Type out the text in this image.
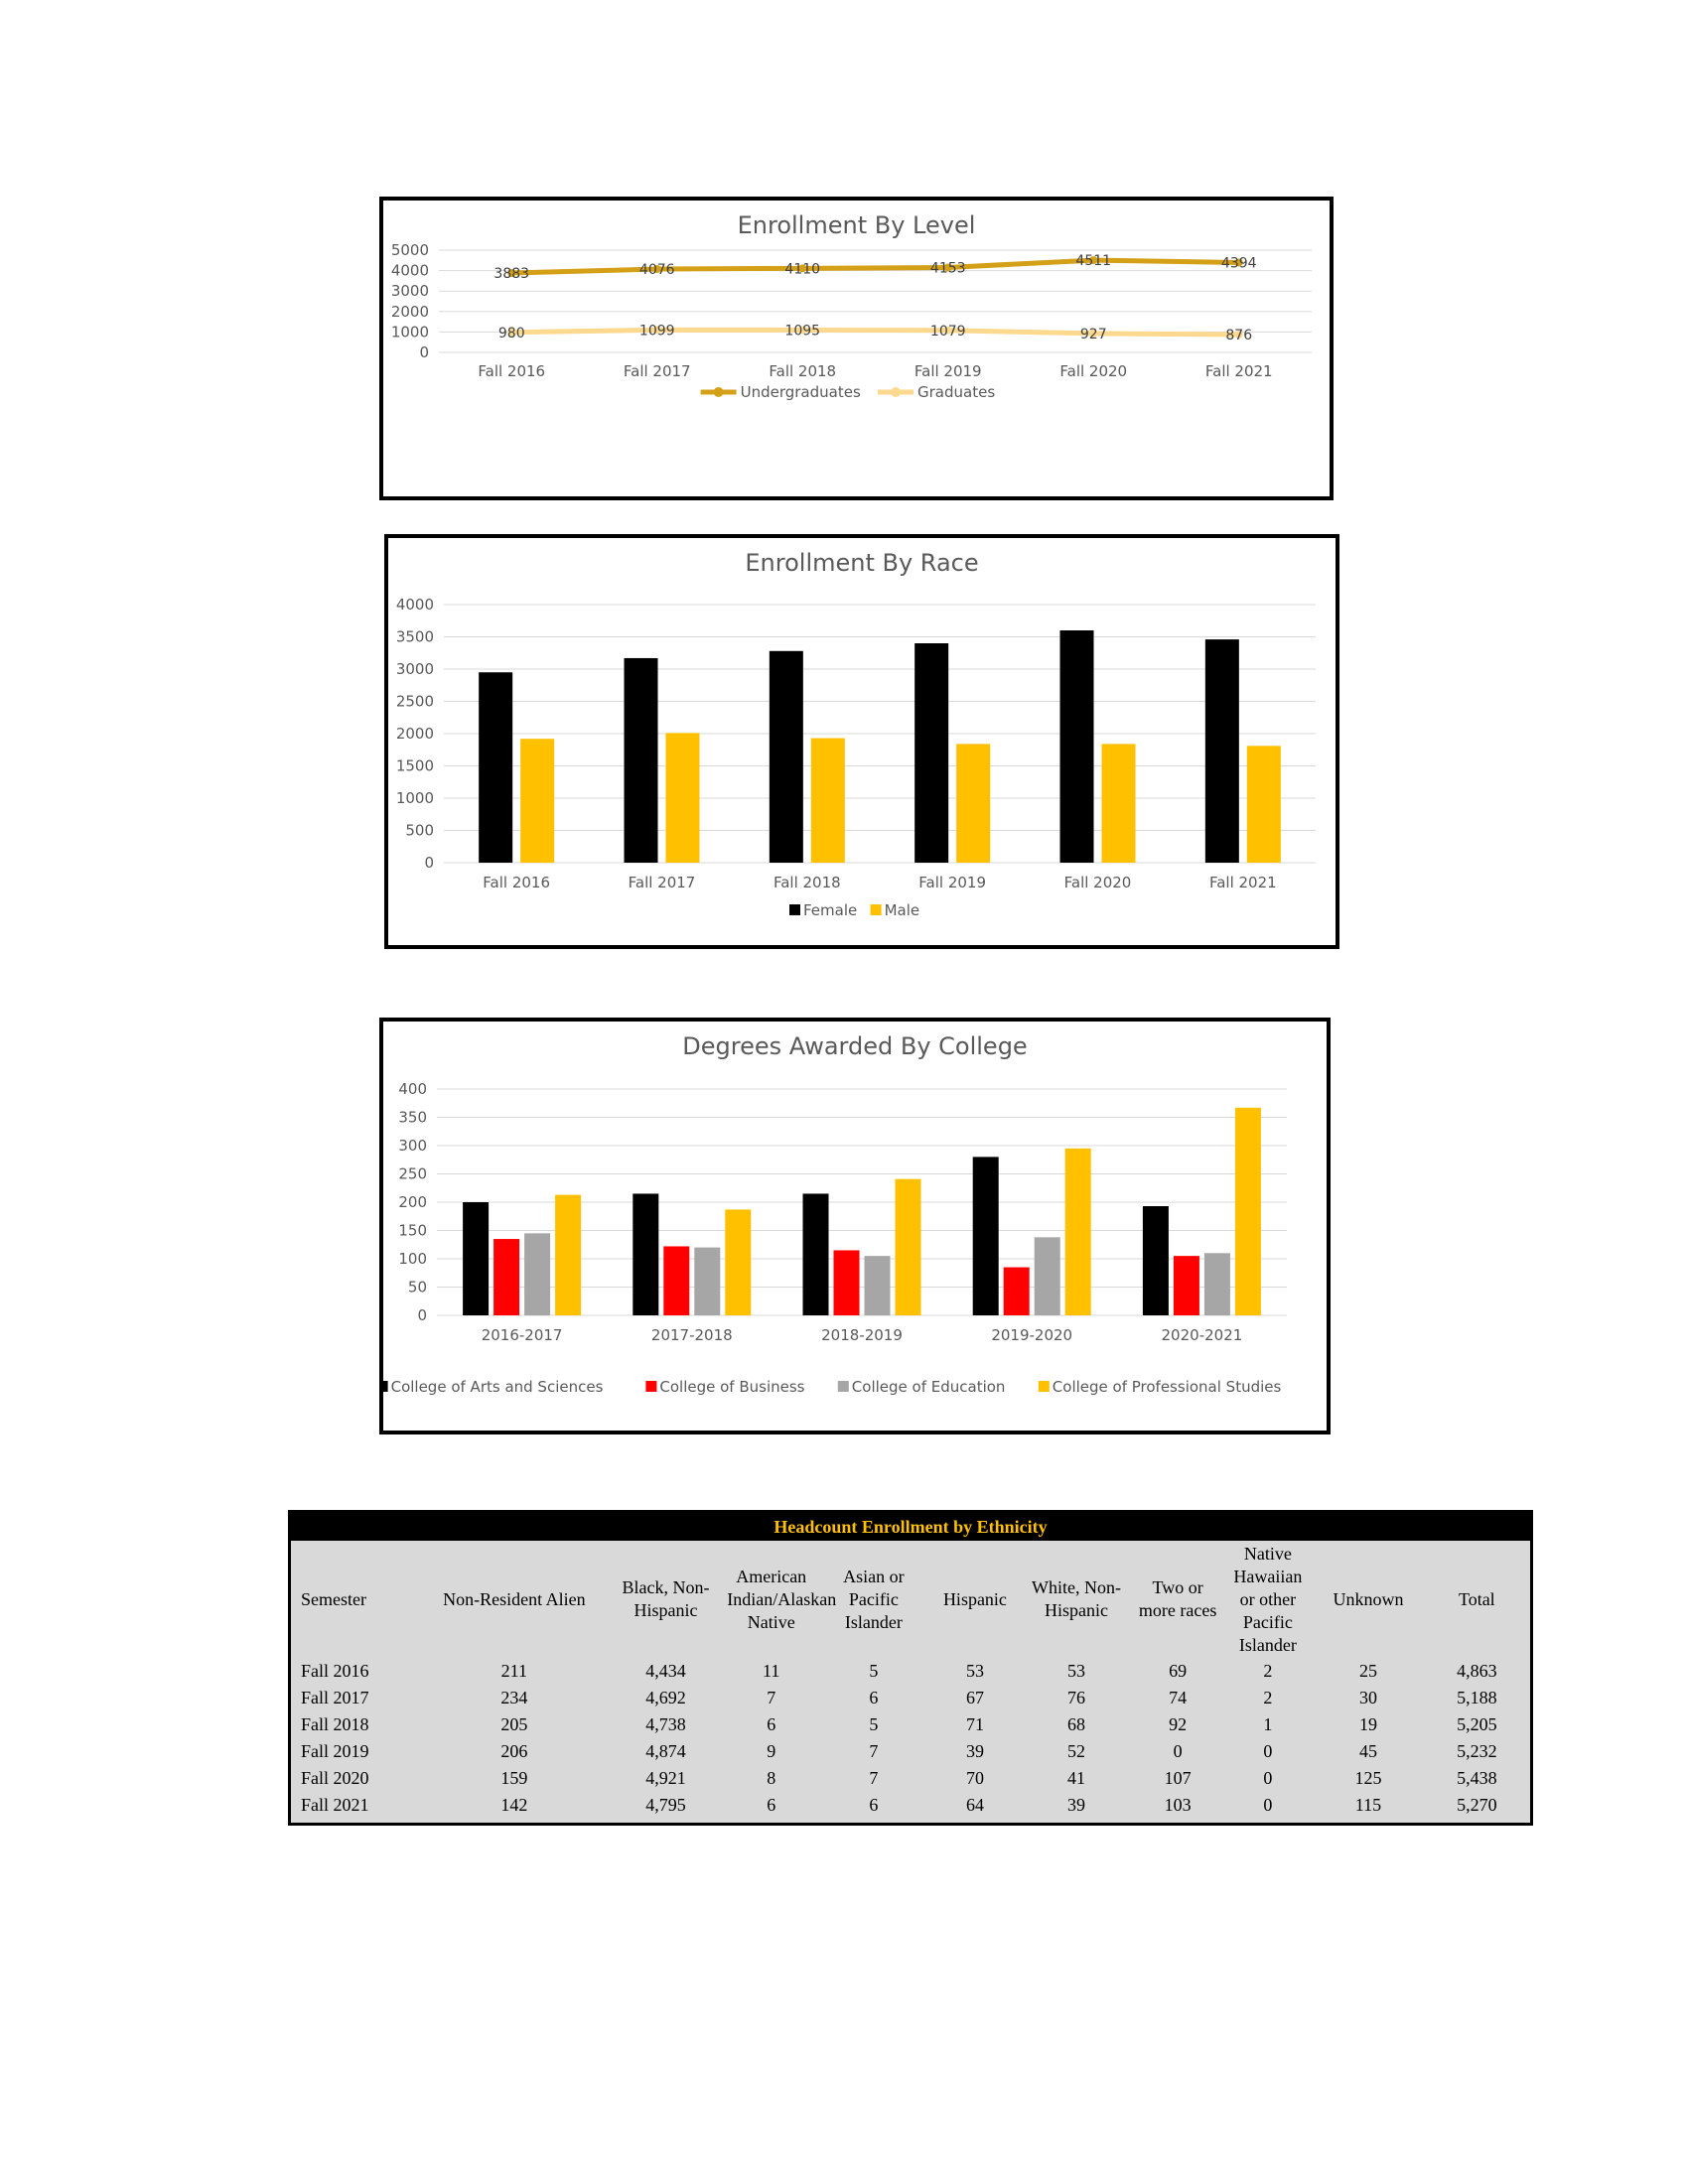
Enrollment By Level
0
1000
2000
3000
4000
5000
Fall 2016	Fall 2017	Fall 2018	Fall 2019	Fall 2020	Fall 2021
3883	4076	4110	4153	4511	4394
980	1099	1095	1079	927	876
Undergraduates	Graduates
Enrollment By Race
0
500
1000
1500
2000
2500
3000
3500
4000
Fall 2016	Fall 2017	Fall 2018	Fall 2019	Fall 2020	Fall 2021
Female Male
Degrees Awarded By College
0
50
100
150
200
250
300
350
400
2016-2017	2017-2018	2018-2019	2019-2020	2020-2021
College of Arts and Sciences	College of Business	College of Education	College of Professional Studies
Headcount Enrollment by Ethnicity
Semester	Non-Resident Alien	Black, Non-Hispanic	American Indian/Alaskan Native	Asian or Pacific Islander	Hispanic	White, Non-Hispanic	Two or more races	Native Hawaiian or other Pacific Islander	Unknown	Total
Fall 2016	211	4,434	11	5	53	53	69	2	25	4,863
Fall 2017	234	4,692	7	6	67	76	74	2	30	5,188
Fall 2018	205	4,738	6	5	71	68	92	1	19	5,205
Fall 2019	206	4,874	9	7	39	52	0	0	45	5,232
Fall 2020	159	4,921	8	7	70	41	107	0	125	5,438
Fall 2021	142	4,795	6	6	64	39	103	0	115	5,270
